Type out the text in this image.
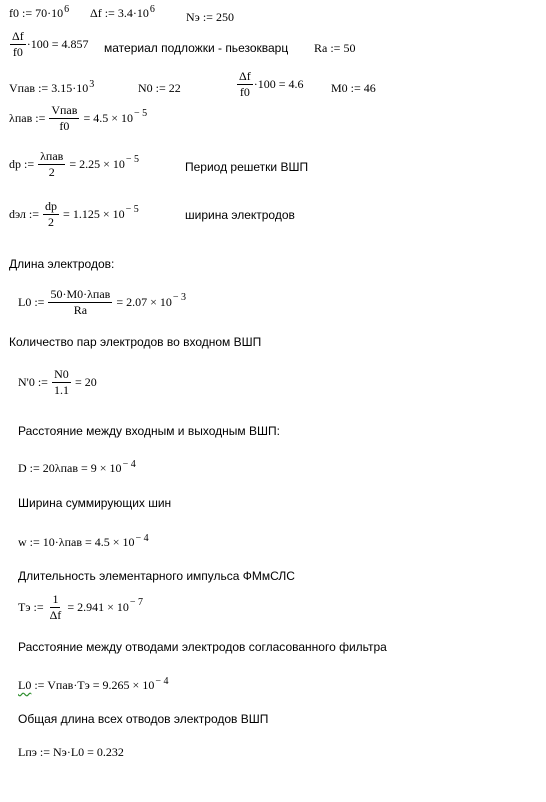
f0 := $70\cdot 10^6$ Δf := $3.4\cdot 10^6$
Nэ := 250
$\frac{\Delta f}{f0} \cdot 100 = 4.857$ материал подложки - пьезокварц Ra := 50
Vпав := $3.15\cdot 10^3$	N0 := 22	$\frac{\Delta f}{f0} \cdot 100 = 4.6$ M0 := 46
λпав := $\frac{\text{Vпав}}{f0} = 4.5 \times 10^{- 5}$
dp := $\frac{\text{λпав}}{2} = 2.25 \times 10^{- 5}$
Период решетки ВШП
dэл := $\frac{dp}{2} = 1.125 \times 10^{- 5}$	ширина электродов
Длина электродов:
L0 := $\frac{\text{50·M0·λпав}}{Ra} = 2.07 \times 10^{- 3}$
Количество пар электродов во входном ВШП
N'0 := $\frac{N0}{1.1} = 20$
Расстояние между входным и выходным ВШП:
D := $20\lambda пав = 9 \times 10^{- 4}$
Ширина суммирующих шин
w := $10\cdot\lambda пав = 4.5 \times 10^{- 4}$
Длительность элементарного импульса ФМмСЛС
Tэ := $\frac{1}{\Delta f} = 2.941 \times 10^{- 7}$
Расстояние между отводами электродов согласованного фильтра
L0 := Vпав·Tэ = $9.265 \times 10^{- 4}$
Общая длина всех отводов электродов ВШП
Lпэ := Nэ·L0 = 0.232
